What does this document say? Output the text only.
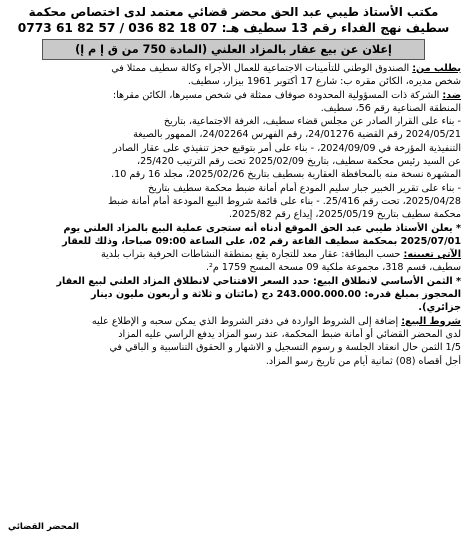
مكتب الأستاذ طيبي عبد الحق محضر قضائي معتمد لدى اختصاص محكمة
سطيف نهج الفداء رقم 13 سطيف هـ: 07 18 82 036 / 57 82 61 0773
إعلان عن بيع عقار بالمزاد العلني (المادة 750 من ق إ م إ)
بطلب من: الصندوق الوطني للتأمينات الاجتماعية للعمال الأجراء وكالة سطيف ممثلا في
شخص مديره، الكائن مقره ب: شارع 17 أكتوبر 1961 بيزار، سطيف.
ضد: الشركة ذات المسؤولية المحدودة صوفاف ممثلة في شخص مسيرها، الكائن مقرها:
المنطقة الصناعية رقم 56، سطيف.
- بناء على القرار الصادر عن مجلس قضاء سطيف، الغرفة الاجتماعية، بتاريخ
2024/05/21 رقم القضية 24/01276، رقم الفهرس 24/02264، الممهور بالصيغة
التنفيذية المؤرخة في 2024/09/09، - بناء على أمر بتوقيع حجز تنفيذي على عقار الصادر
عن السيد رئيس محكمة سطيف، بتاريخ 2025/02/09 تحت رقم الترتيب 25/420،
المشهرة نسخة منه بالمحافظة العقارية بسطيف بتاريخ 2025/02/26، مجلد 16 رقم 10.
- بناء على تقرير الخبير جبار سليم المودع أمام أمانة ضبط محكمة سطيف بتاريخ
2025/04/28، تحت رقم 25/416. - بناء على قائمة شروط البيع المودعة أمام أمانة ضبط
محكمة سطيف بتاريخ 2025/05/19، إيداع رقم 2025/82.
* يعلن الأستاذ طيبي عبد الحق الموقع أدناه أنه ستجرى عملية البيع بالمزاد العلني يوم
2025/07/01 بمحكمة سطيف القاعة رقم 02، على الساعة 09:00 صباحا، وذلك للعقار
الآتي تعيينه: حسب البطاقة: عقار معد للتجارة يقع بمنطقة النشاطات الحرفية بتراب بلدية
سطيف، قسم 318، مجموعة ملكية 09 مسحة المسح 1759 م².
* الثمن الأساسي لانطلاق البيع: حدد السعر الافتتاحي لانطلاق المزاد العلني لبيع العقار
المحجوز بمبلغ قدره: 243.000.000.00 دج (مائتان و ثلاثة و أربعون مليون دينار
جزائري).
شروط البيع: إضافة إلى الشروط الواردة في دفتر الشروط الذي يمكن سحبه و الإطلاع عليه
لدى المحضر القضائي أو أمانة ضبط المحكمة، عند رسو المزاد يدفع الراسي عليه المزاد
1/5 الثمن حال انعقاد الجلسة و رسوم التسجيل و الاشهار و الحقوق التناسبية و الباقي في
أجل أقصاه (08) ثمانية أيام من تاريخ رسو المزاد.
المحضر القضائي
